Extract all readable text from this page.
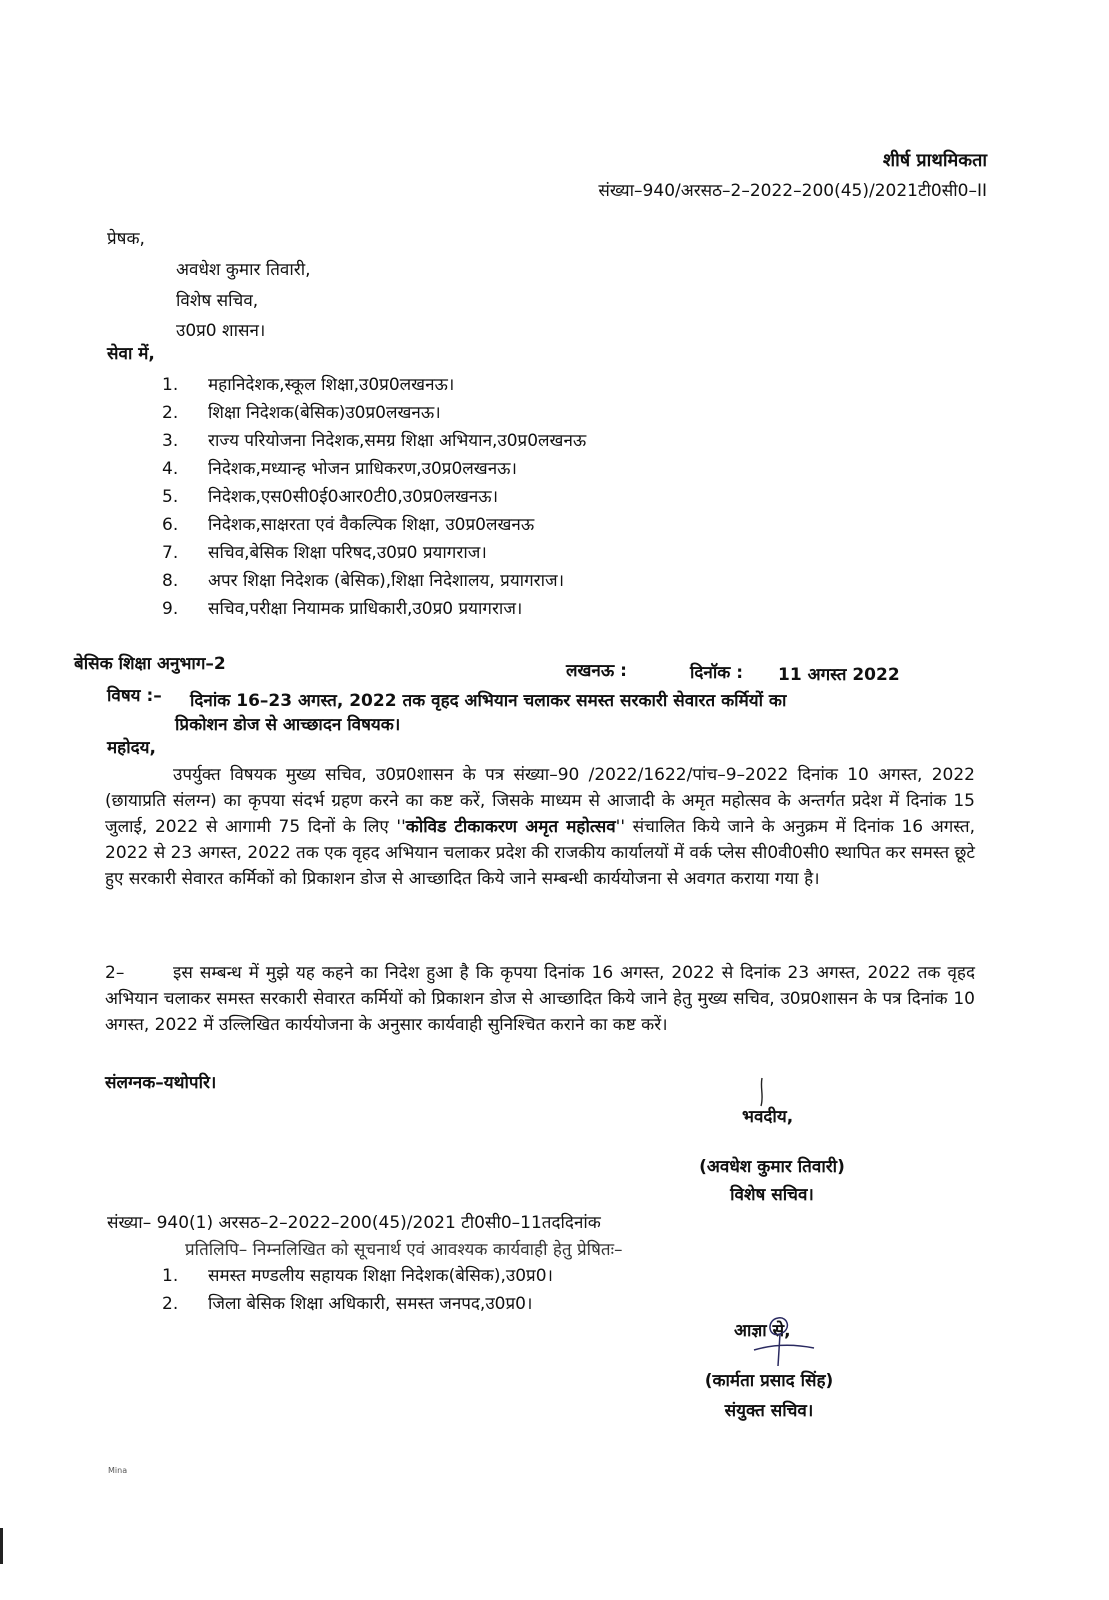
शीर्ष प्राथमिकता
संख्या–940/अरसठ–2–2022–200(45)/2021टी0सी0–II
प्रेषक,
अवधेश कुमार तिवारी,
विशेष सचिव,
उ0प्र0 शासन।
सेवा में,
1. महानिदेशक,स्कूल शिक्षा,उ0प्र0लखनऊ।
2. शिक्षा निदेशक(बेसिक)उ0प्र0लखनऊ।
3. राज्य परियोजना निदेशक,समग्र शिक्षा अभियान,उ0प्र0लखनऊ
4. निदेशक,मध्यान्ह भोजन प्राधिकरण,उ0प्र0लखनऊ।
5. निदेशक,एस0सी0ई0आर0टी0,उ0प्र0लखनऊ।
6. निदेशक,साक्षरता एवं वैकल्पिक शिक्षा, उ0प्र0लखनऊ
7. सचिव,बेसिक शिक्षा परिषद,उ0प्र0 प्रयागराज।
8. अपर शिक्षा निदेशक (बेसिक),शिक्षा निदेशालय, प्रयागराज।
9. सचिव,परीक्षा नियामक प्राधिकारी,उ0प्र0 प्रयागराज।
बेसिक शिक्षा अनुभाग–2	लखनऊ :	दिनॉक : 11 अगस्त 2022
विषय :– दिनांक 16–23 अगस्त, 2022 तक वृहद अभियान चलाकर समस्त सरकारी सेवारत कर्मियों का
प्रिकोशन डोज से आच्छादन विषयक।
महोदय,
उपर्युक्त विषयक मुख्य सचिव, उ0प्र0शासन के पत्र संख्या–90 /2022/1622/पांच–9–2022 दिनांक 10 अगस्त, 2022 (छायाप्रति संलग्न) का कृपया संदर्भ ग्रहण करने का कष्ट करें, जिसके माध्यम से आजादी के अमृत महोत्सव के अन्तर्गत प्रदेश में दिनांक 15 जुलाई, 2022 से आगामी 75 दिनों के लिए ''कोविड टीकाकरण अमृत महोत्सव'' संचालित किये जाने के अनुक्रम में दिनांक 16 अगस्त, 2022 से 23 अगस्त, 2022 तक एक वृहद अभियान चलाकर प्रदेश की राजकीय कार्यालयों में वर्क प्लेस सी0वी0सी0 स्थापित कर समस्त छूटे हुए सरकारी सेवारत कर्मिकों को प्रिकाशन डोज से आच्छादित किये जाने सम्बन्धी कार्ययोजना से अवगत कराया गया है।
2–	इस सम्बन्ध में मुझे यह कहने का निदेश हुआ है कि कृपया दिनांक 16 अगस्त, 2022 से दिनांक 23 अगस्त, 2022 तक वृहद अभियान चलाकर समस्त सरकारी सेवारत कर्मियों को प्रिकाशन डोज से आच्छादित किये जाने हेतु मुख्य सचिव, उ0प्र0शासन के पत्र दिनांक 10 अगस्त, 2022 में उल्लिखित कार्ययोजना के अनुसार कार्यवाही सुनिश्चित कराने का कष्ट करें।
संलग्नक–यथोपरि।
भवदीय,
(अवधेश कुमार तिवारी)
विशेष सचिव।
संख्या– 940(1) अरसठ–2–2022–200(45)/2021 टी0सी0–11तददिनांक
प्रतिलिपि– निम्नलिखित को सूचनार्थ एवं आवश्यक कार्यवाही हेतु प्रेषितः–
1. समस्त मण्डलीय सहायक शिक्षा निदेशक(बेसिक),उ0प्र0।
2. जिला बेसिक शिक्षा अधिकारी, समस्त जनपद,उ0प्र0।
आज्ञा से,
(कार्मता प्रसाद सिंह)
संयुक्त सचिव।
Mina
